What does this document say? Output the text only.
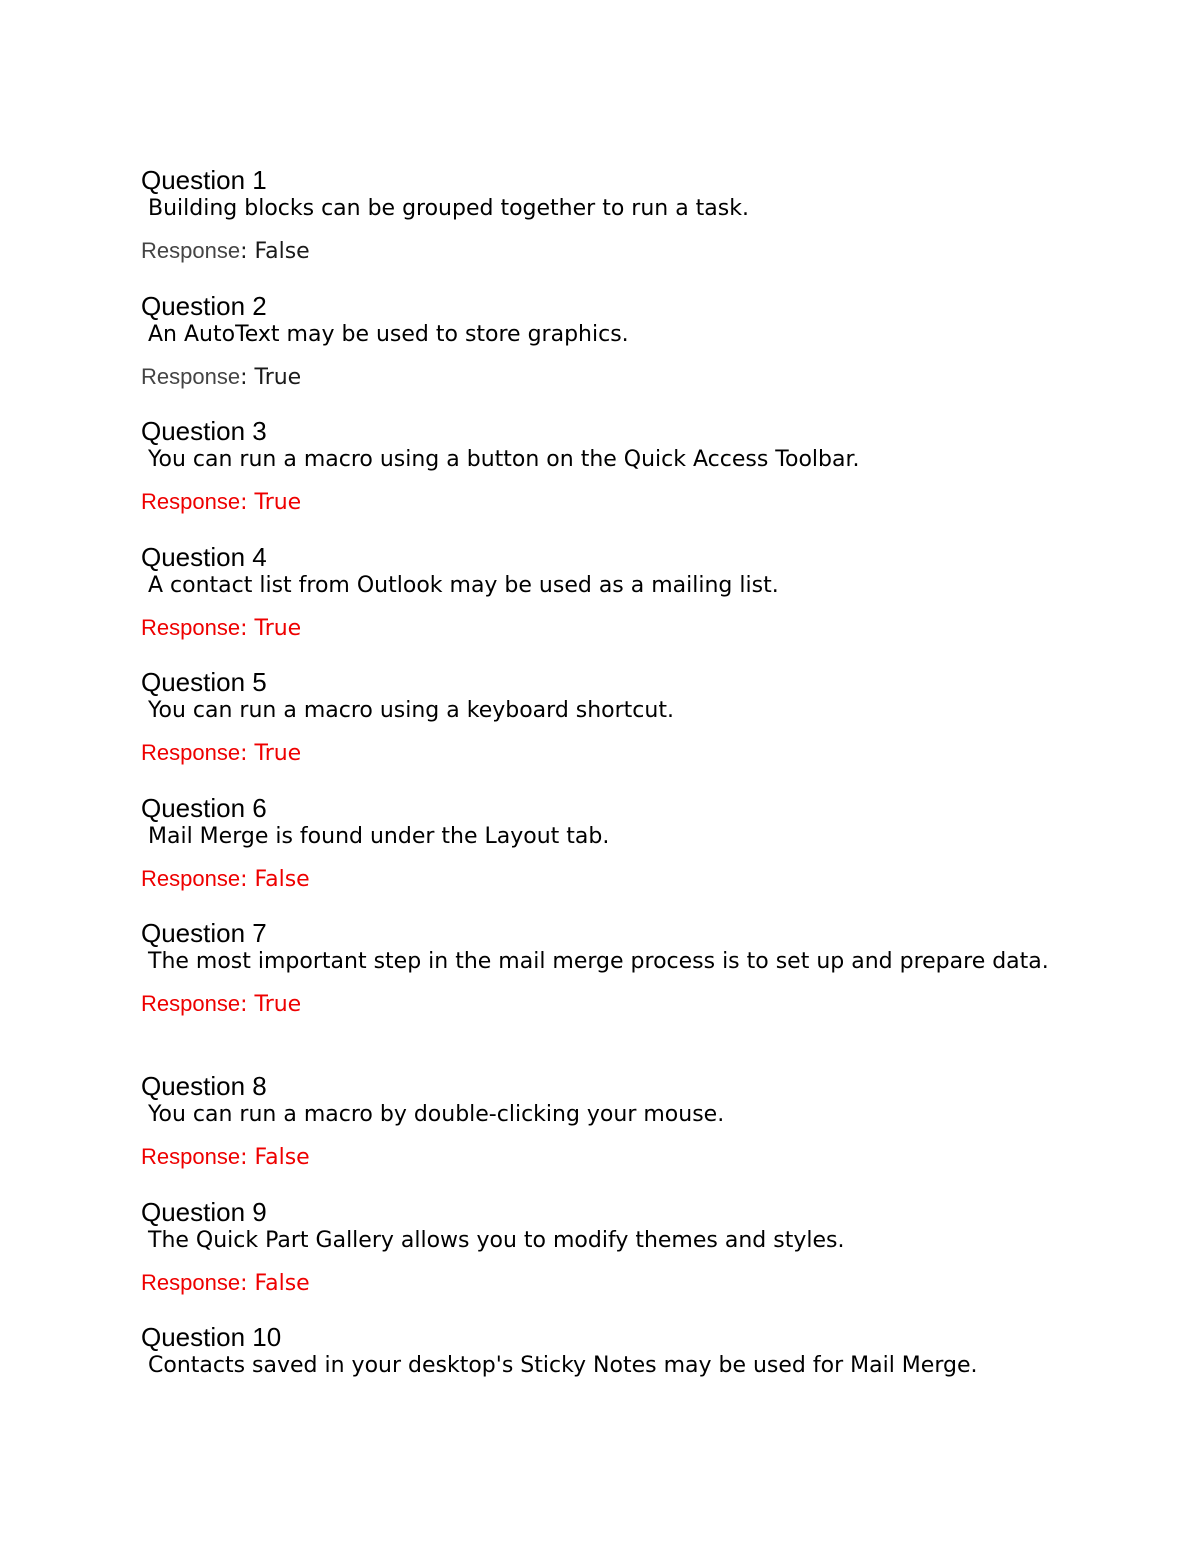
Question 1
Building blocks can be grouped together to run a task.
Response: False
Question 2
An AutoText may be used to store graphics.
Response: True
Question 3
You can run a macro using a button on the Quick Access Toolbar.
Response: True
Question 4
A contact list from Outlook may be used as a mailing list.
Response: True
Question 5
You can run a macro using a keyboard shortcut.
Response: True
Question 6
Mail Merge is found under the Layout tab.
Response: False
Question 7
The most important step in the mail merge process is to set up and prepare data.
Response: True
Question 8
You can run a macro by double-clicking your mouse.
Response: False
Question 9
The Quick Part Gallery allows you to modify themes and styles.
Response: False
Question 10
Contacts saved in your desktop's Sticky Notes may be used for Mail Merge.
